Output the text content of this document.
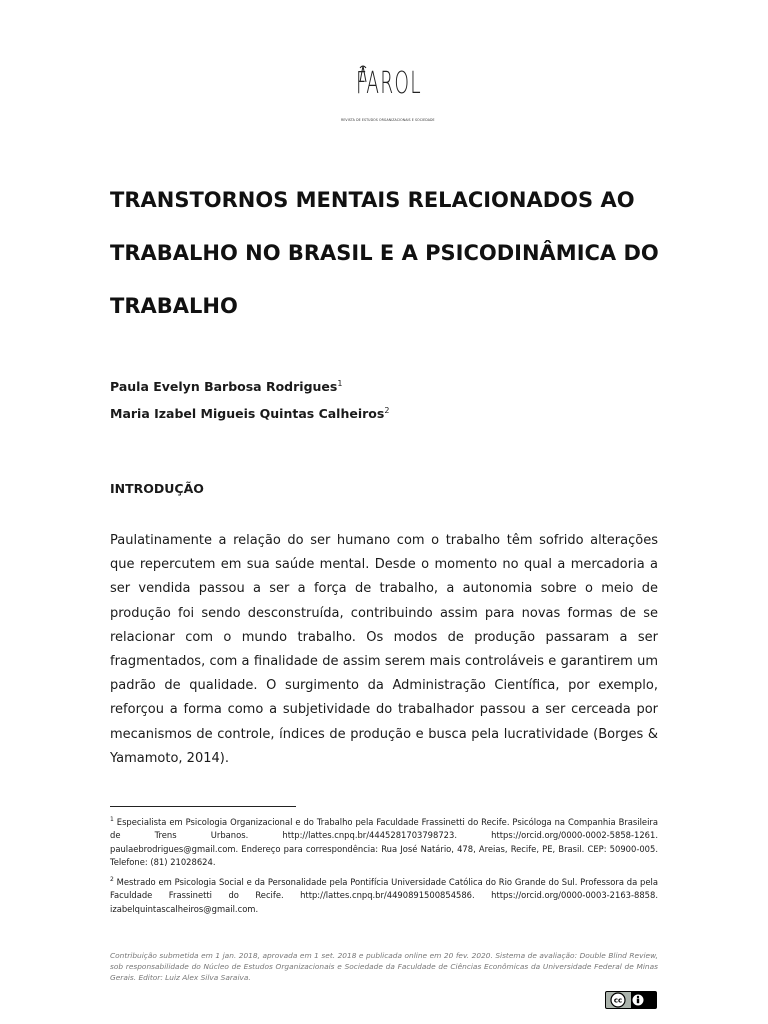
FAROL
REVISTA DE ESTUDOS ORGANIZACIONAIS E SOCIEDADE
TRANSTORNOS MENTAIS RELACIONADOS AO TRABALHO NO BRASIL E A PSICODINÂMICA DO TRABALHO
Paula Evelyn Barbosa Rodrigues$^1$
Maria Izabel Migueis Quintas Calheiros$^2$
INTRODUÇÃO

Paulatinamente a relação do ser humano com o trabalho têm sofrido alterações que repercutem em sua saúde mental. Desde o momento no qual a mercadoria a ser vendida passou a ser a força de trabalho, a autonomia sobre o meio de produção foi sendo desconstruída, contribuindo assim para novas formas de se relacionar com o mundo trabalho. Os modos de produção passaram a ser fragmentados, com a finalidade de assim serem mais controláveis e garantirem um padrão de qualidade. O surgimento da Administração Científica, por exemplo, reforçou a forma como a subjetividade do trabalhador passou a ser cerceada por mecanismos de controle, índices de produção e busca pela lucratividade (Borges & Yamamoto, 2014).

$^1$ Especialista em Psicologia Organizacional e do Trabalho pela Faculdade Frassinetti do Recife. Psicóloga na Companhia Brasileira de Trens Urbanos. http://lattes.cnpq.br/4445281703798723. https://orcid.org/0000-0002-5858-1261. paulaebrodrigues@gmail.com. Endereço para correspondência: Rua José Natário, 478, Areias, Recife, PE, Brasil. CEP: 50900-005. Telefone: (81) 21028624.

$^2$ Mestrado em Psicologia Social e da Personalidade pela Pontifícia Universidade Católica do Rio Grande do Sul. Professora da pela Faculdade Frassinetti do Recife. http://lattes.cnpq.br/4490891500854586. https://orcid.org/0000-0003-2163-8858. izabelquintascalheiros@gmail.com.

Contribuição submetida em 1 jan. 2018, aprovada em 1 set. 2018 e publicada online em 20 fev. 2020. Sistema de avaliação: Double Blind Review, sob responsabilidade do Núcleo de Estudos Organizacionais e Sociedade da Faculdade de Ciências Econômicas da Universidade Federal de Minas Gerais. Editor: Luiz Alex Silva Saraiva.

cc
